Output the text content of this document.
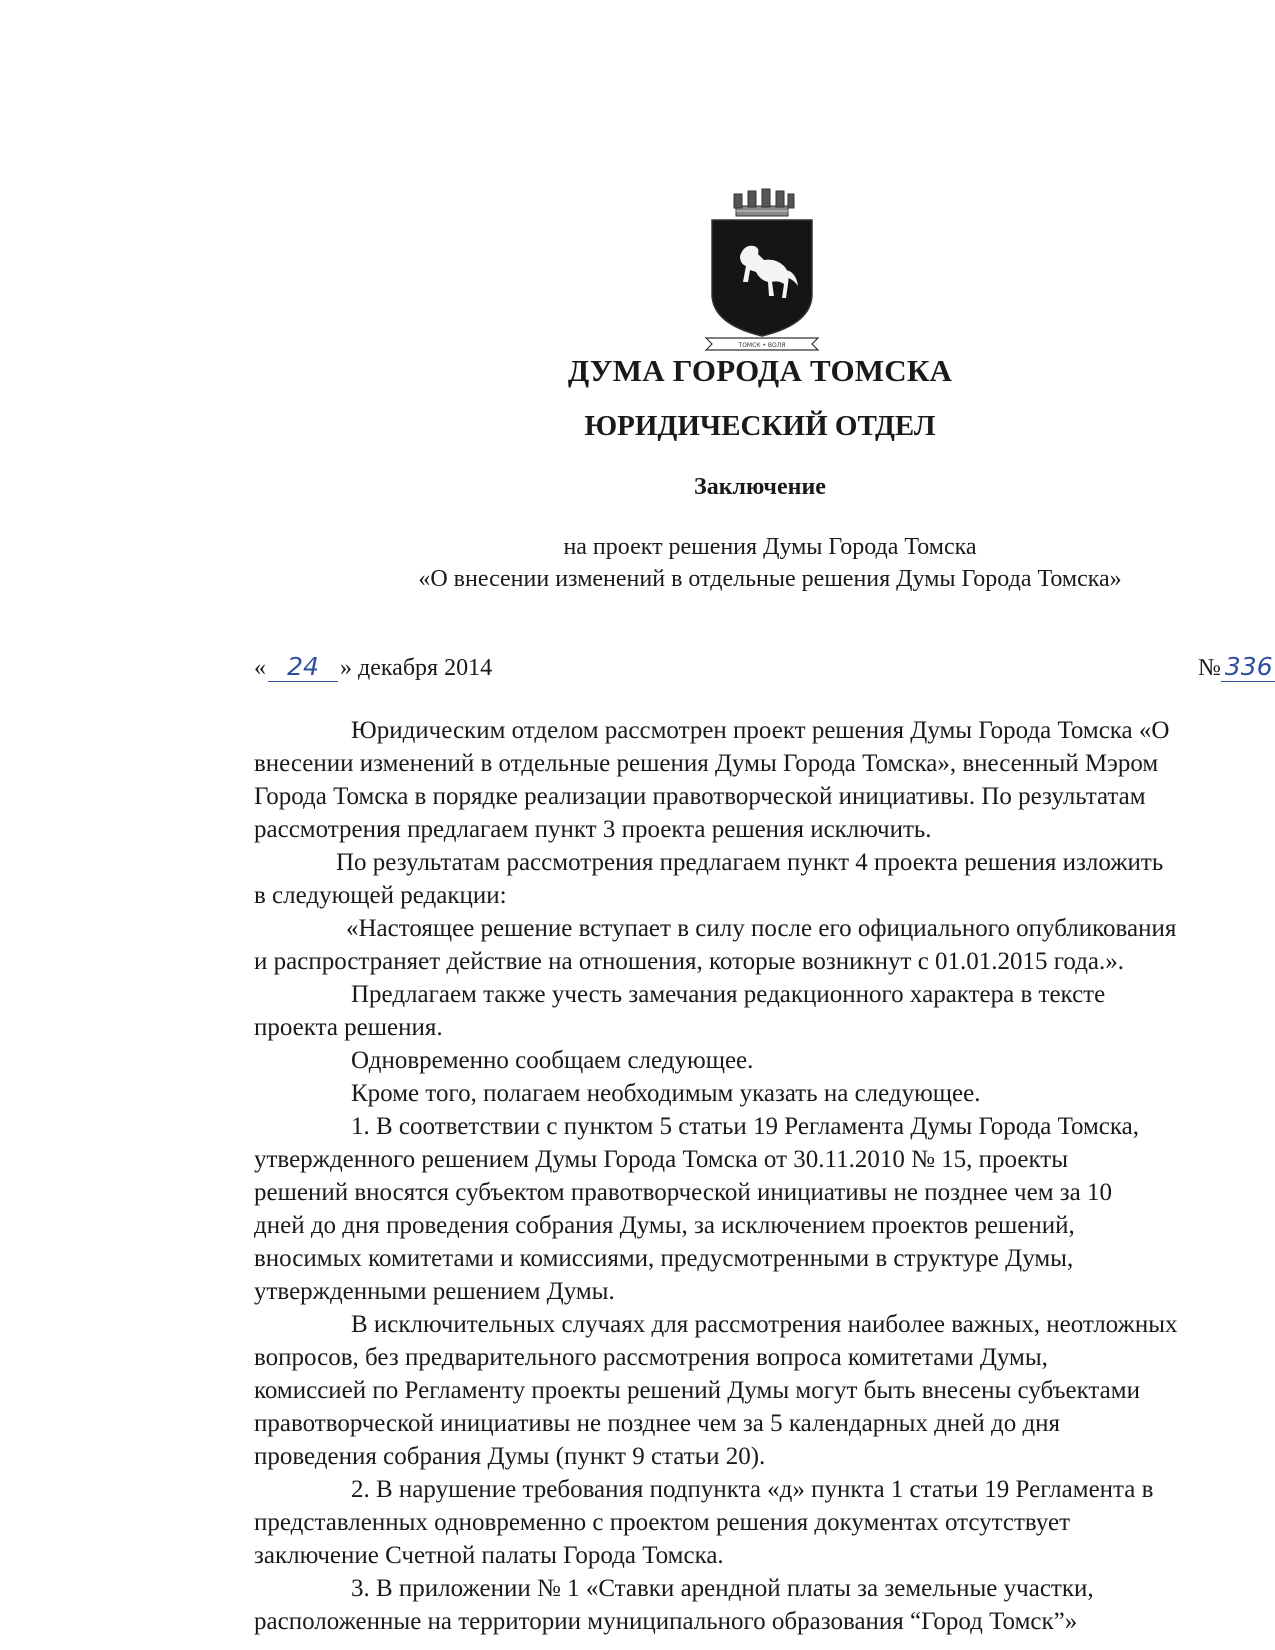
ТОМСК • ВОЛЯ
ДУМА ГОРОДА ТОМСКА
ЮРИДИЧЕСКИЙ ОТДЕЛ
Заключение
на проект решения Думы Города Томска
«О внесении изменений в отдельные решения Думы Города Томска»
« 24 » декабря 2014	№ 336
Юридическим отделом рассмотрен проект решения Думы Города Томска «О
внесении изменений в отдельные решения Думы Города Томска», внесенный Мэром
Города Томска в порядке реализации правотворческой инициативы. По результатам
рассмотрения предлагаем пункт 3 проекта решения исключить.
По результатам рассмотрения предлагаем пункт 4 проекта решения изложить
в следующей редакции:
«Настоящее решение вступает в силу после его официального опубликования
и распространяет действие на отношения, которые возникнут с 01.01.2015 года.».
Предлагаем также учесть замечания редакционного характера в тексте
проекта решения.
Одновременно сообщаем следующее.
Кроме того, полагаем необходимым указать на следующее.
1. В соответствии с пунктом 5 статьи 19 Регламента Думы Города Томска,
утвержденного решением Думы Города Томска от 30.11.2010 № 15, проекты
решений вносятся субъектом правотворческой инициативы не позднее чем за 10
дней до дня проведения собрания Думы, за исключением проектов решений,
вносимых комитетами и комиссиями, предусмотренными в структуре Думы,
утвержденными решением Думы.
В исключительных случаях для рассмотрения наиболее важных, неотложных
вопросов, без предварительного рассмотрения вопроса комитетами Думы,
комиссией по Регламенту проекты решений Думы могут быть внесены субъектами
правотворческой инициативы не позднее чем за 5 календарных дней до дня
проведения собрания Думы (пункт 9 статьи 20).
2. В нарушение требования подпункта «д» пункта 1 статьи 19 Регламента в
представленных одновременно с проектом решения документах отсутствует
заключение Счетной палаты Города Томска.
3. В приложении № 1 «Ставки арендной платы за земельные участки,
расположенные на территории муниципального образования “Город Томск”»
